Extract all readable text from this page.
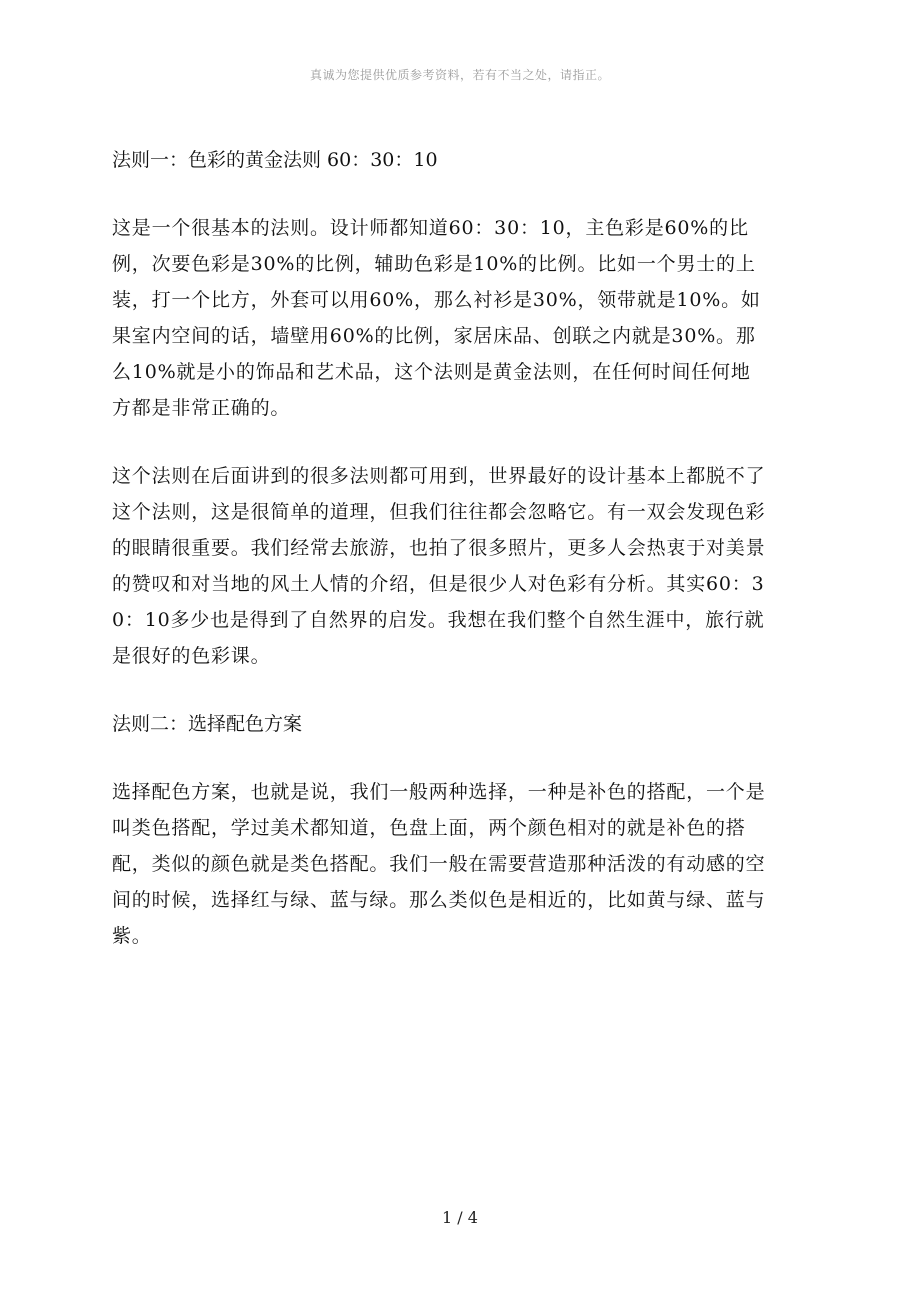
真诚为您提供优质参考资料，若有不当之处，请指正。
法则一：色彩的黄金法则 60：30：10

这是一个很基本的法则。设计师都知道60：30：10，主色彩是60%的比例，次要色彩是30%的比例，辅助色彩是10%的比例。比如一个男士的上装，打一个比方，外套可以用60%，那么衬衫是30%，领带就是10%。如果室内空间的话，墙壁用60%的比例，家居床品、创联之内就是30%。那么10%就是小的饰品和艺术品，这个法则是黄金法则，在任何时间任何地方都是非常正确的。

这个法则在后面讲到的很多法则都可用到，世界最好的设计基本上都脱不了这个法则，这是很简单的道理，但我们往往都会忽略它。有一双会发现色彩的眼睛很重要。我们经常去旅游，也拍了很多照片，更多人会热衷于对美景的赞叹和对当地的风土人情的介绍，但是很少人对色彩有分析。其实60：30：10多少也是得到了自然界的启发。我想在我们整个自然生涯中，旅行就是很好的色彩课。

法则二：选择配色方案

选择配色方案，也就是说，我们一般两种选择，一种是补色的搭配，一个是叫类色搭配，学过美术都知道，色盘上面，两个颜色相对的就是补色的搭配，类似的颜色就是类色搭配。我们一般在需要营造那种活泼的有动感的空间的时候，选择红与绿、蓝与绿。那么类似色是相近的，比如黄与绿、蓝与紫。

1 / 4
